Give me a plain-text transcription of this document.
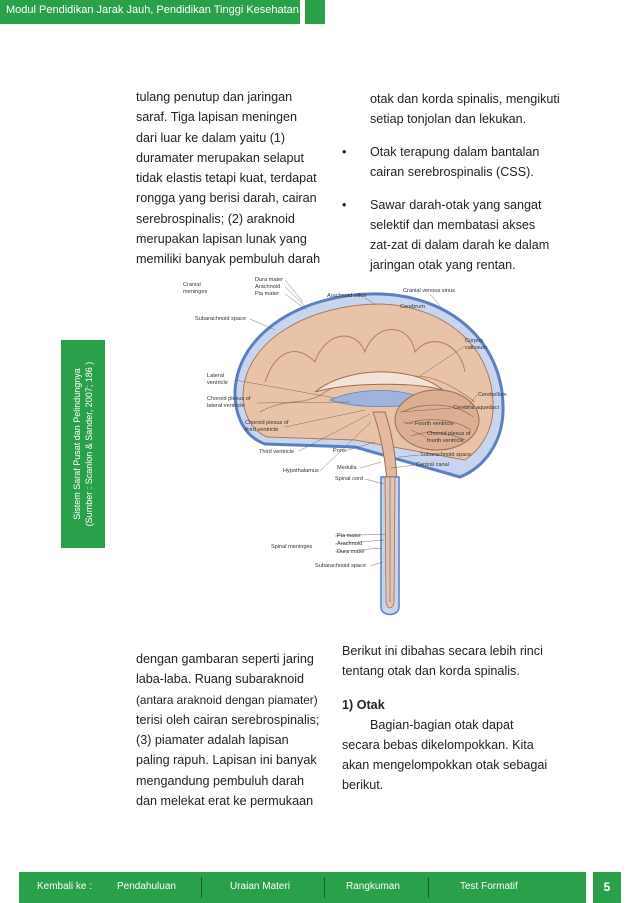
Modul Pendidikan Jarak Jauh, Pendidikan Tinggi Kesehatan
Sistem Saraf Pusat dan Pelindungnya (Sumber : Scanlon & Sander, 2007; 186 )

tulang penutup dan jaringan

saraf. Tiga lapisan meningen

dari luar ke dalam yaitu (1)

duramater merupakan selaput

tidak elastis tetapi kuat, terdapat

rongga yang berisi darah, cairan

serebrospinalis; (2) araknoid

merupakan lapisan lunak yang

memiliki banyak pembuluh darah

otak dan korda spinalis, mengikuti

setiap tonjolan dan lekukan.

• Otak terapung dalam bantalan

cairan serebrospinalis (CSS).

• Sawar darah-otak yang sangat

selektif dan membatasi akses

zat-zat di dalam darah ke dalam

jaringan otak yang rentan.

Cranial
meninges
Dura mater
Arachnoid
Pia mater	Arachnoid villus
Cranial venous sinus
Cerebrum
Subarachnoid space
Corpus
callosum
Lateral
ventricle
Choroid plexus of
lateral ventricle
Choroid plexus of
third ventricle
Third ventricle
Hypothalamus
Cerebellum
Cerebral aqueduct
Fourth ventricle
Choroid plexus of
fourth ventricle
Subarachnoid space
Central canal
Pons
Medulla
Spinal cord
Spinal meninges
Pia mater
Arachnoid
Dura mater
Subarachnoid space

dengan gambaran seperti jaring

laba-laba. Ruang subaraknoid

(antara araknoid dengan piamater)

terisi oleh cairan serebrospinalis;

(3) piamater adalah lapisan

paling rapuh. Lapisan ini banyak

mengandung pembuluh darah

dan melekat erat ke permukaan

Berikut ini dibahas secara lebih rinci

tentang otak dan korda spinalis.

1) Otak

Bagian-bagian otak dapat

secara bebas dikelompokkan. Kita

akan mengelompokkan otak sebagai

berikut.

Kembali ke : Pendahuluan	Uraian Materi	Rangkuman	Test Formatif	5
